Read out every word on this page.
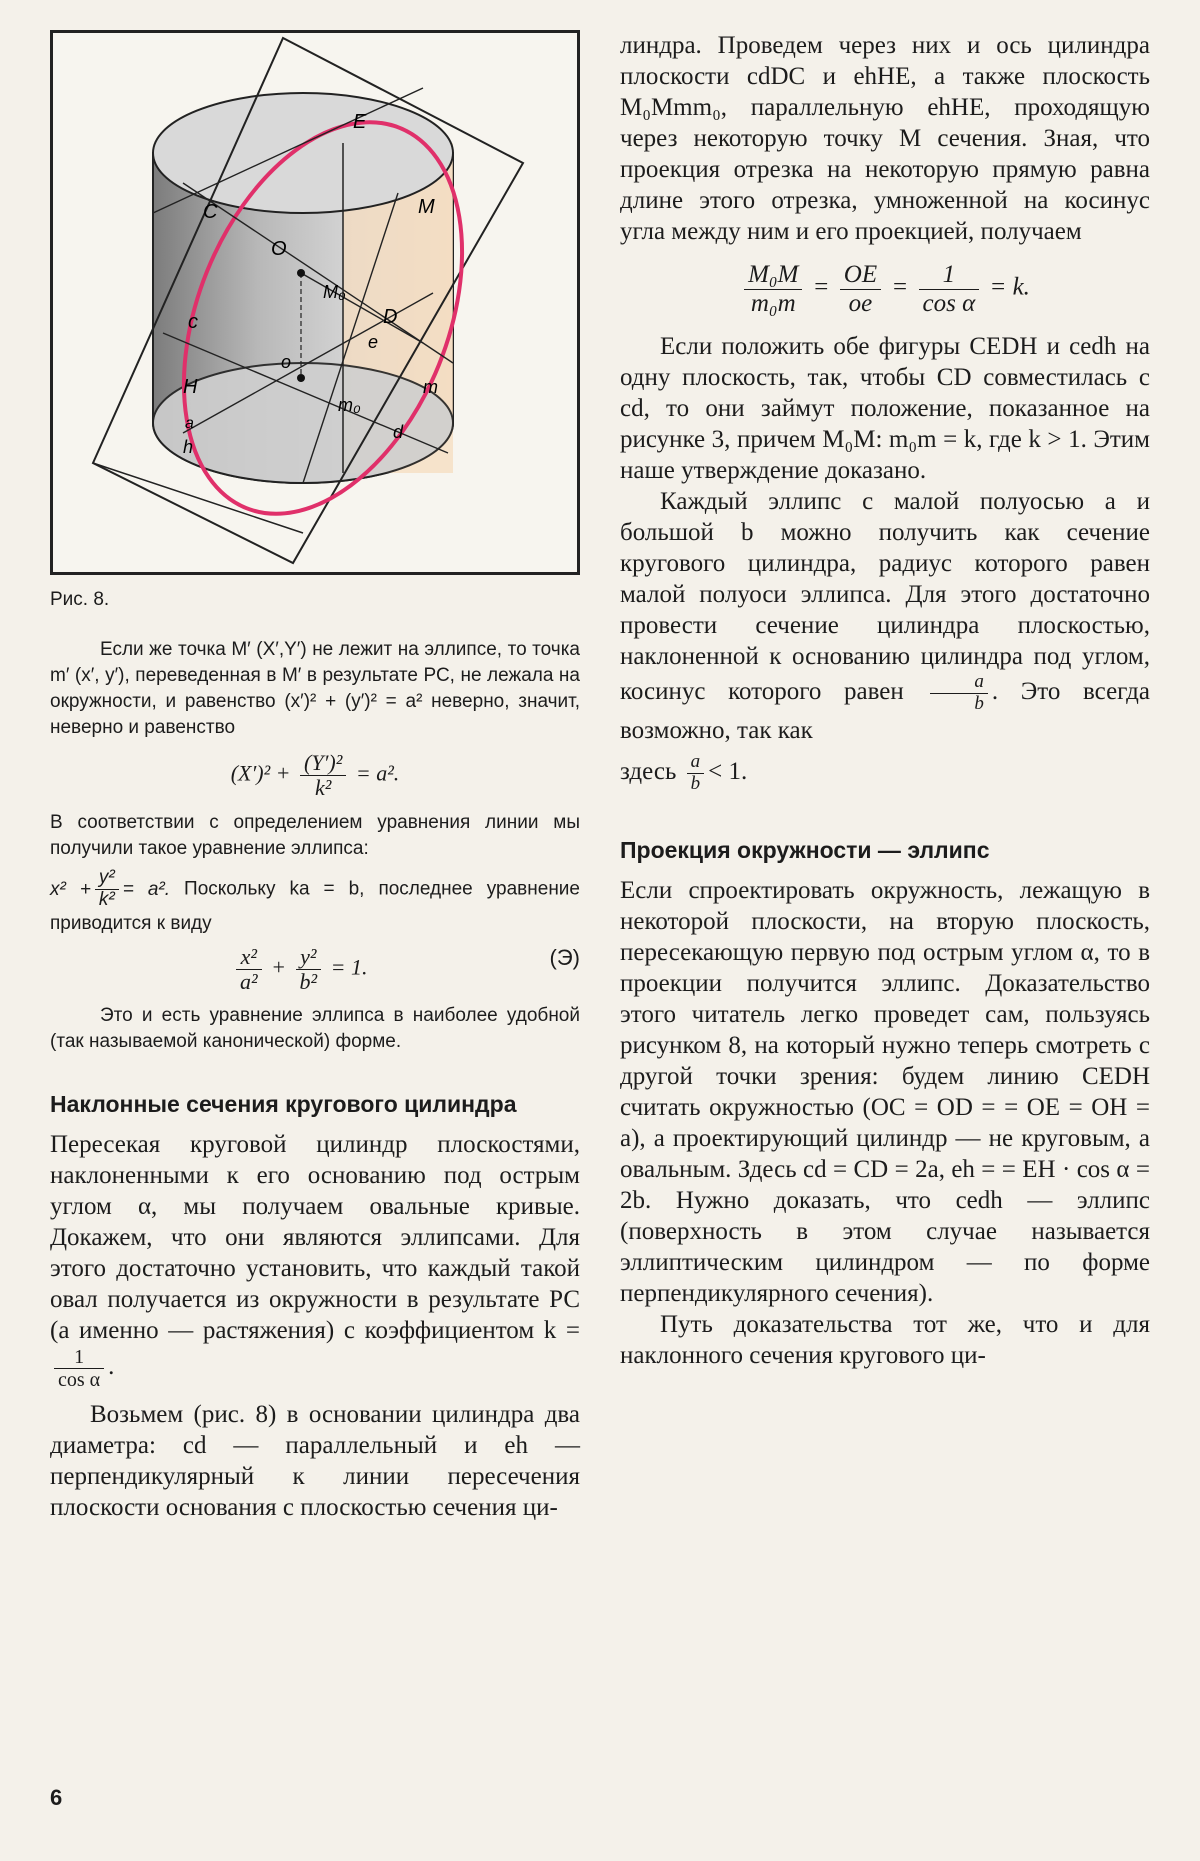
C
E
O
M
M₀
D
c
e
o
H
m₀
m
d
a
h
Рис. 8.

Если же точка M′ (X′,Y′) не лежит на эллипсе, то точка m′ (x′, y′), переведенная в M′ в результате РС, не лежала на окружности, и равенство (x′)² + (y′)² = a² неверно, значит, неверно и равенство

$(X')^2 + \frac{\text{(Y′)²}}{\text{k²}} = a^2$.

В соответствии с определением уравнения линии мы получили такое уравнение эллипса:

$x^2 + \frac{\text{y²}}{\text{k²}} = a^2$. Поскольку ka = b, последнее уравнение приводится к виду

$\frac{\text{x²}}{\text{a²}} + \frac{\text{y²}}{\text{b²}} = 1$.	(Э)

Это и есть уравнение эллипса в наиболее удобной (так называемой канонической) форме.

Наклонные сечения кругового цилиндра

Пересекая круговой цилиндр плоскостями, наклоненными к его основанию под острым углом α, мы получаем овальные кривые. Докажем, что они являются эллипсами. Для этого достаточно установить, что каждый такой овал получается из окружности в результате РС (а именно — растяжения) с коэффициентом k =
$\frac{1}{\text{cos α}}$ .

Возьмем (рис. 8) в основании цилиндра два диаметра: cd — параллельный и eh — перпендикулярный к линии пересечения плоскости основания с плоскостью сечения ци-

линдра. Проведем через них и ось цилиндра плоскости cdDC и ehHE, а также плоскость M₀Mmm₀, параллельную ehHE, проходящую через некоторую точку M сечения. Зная, что проекция отрезка на некоторую прямую равна длине этого отрезка, умноженной на косинус угла между ним и его проекцией, получаем

$\frac{\text{M₀M}}{\text{m₀m}} = \frac{OE}{oe} = \frac{1}{\text{cos α}} = k$.

Если положить обе фигуры CEDH и cedh на одну плоскость, так, чтобы CD совместилась с cd, то они займут положение, показанное на рисунке 3, причем M₀M: m₀m = k, где k > 1. Этим наше утверждение доказано.

Каждый эллипс с малой полуосью a и большой b можно получить как сечение кругового цилиндра, радиус которого равен малой полуоси эллипса. Для этого достаточно провести сечение цилиндра плоскостью, наклоненной к основанию цилиндра под углом, косинус которого равен $\frac{a}{b}$ . Это всегда возможно, так как

здесь $\frac{a}{b} < 1$.

Проекция окружности — эллипс

Если спроектировать окружность, лежащую в некоторой плоскости, на вторую плоскость, пересекающую первую под острым углом α, то в проекции получится эллипс. Доказательство этого читатель легко проведет сам, пользуясь рисунком 8, на который нужно теперь смотреть с другой точки зрения: будем линию CEDH считать окружностью (OC = OD = = OE = OH = a), а проектирующий цилиндр — не круговым, а овальным. Здесь cd = CD = 2a, eh = = EH · cos α = 2b. Нужно доказать, что cedh — эллипс (поверхность в этом случае называется эллиптическим цилиндром — по форме перпендикулярного сечения).

Путь доказательства тот же, что и для наклонного сечения кругового ци-

6
